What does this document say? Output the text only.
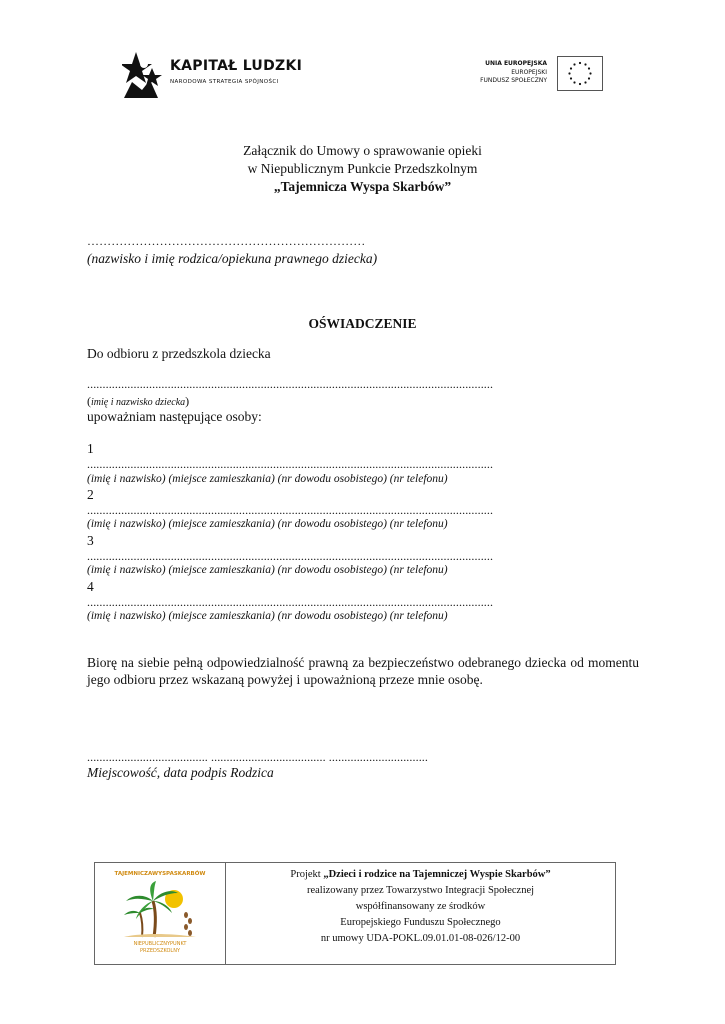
KAPITAŁ LUDZKI
NARODOWA STRATEGIA SPÓJNOŚCI
UNIA EUROPEJSKA
EUROPEJSKI
FUNDUSZ SPOŁECZNY
Załącznik do Umowy o sprawowanie opieki
w Niepublicznym Punkcie Przedszkolnym
„Tajemnicza Wyspa Skarbów”
……………………………………………………………
(nazwisko i imię rodzica/opiekuna prawnego dziecka)
OŚWIADCZENIE
Do odbioru z przedszkola dziecka
...................................................................................................................................
(imię i nazwisko dziecka)
upoważniam następujące osoby:
1
...................................................................................................................................
(imię i nazwisko) (miejsce zamieszkania) (nr dowodu osobistego) (nr telefonu)
2
...................................................................................................................................
(imię i nazwisko) (miejsce zamieszkania) (nr dowodu osobistego) (nr telefonu)
3
...................................................................................................................................
(imię i nazwisko) (miejsce zamieszkania) (nr dowodu osobistego) (nr telefonu)
4
...................................................................................................................................
(imię i nazwisko) (miejsce zamieszkania) (nr dowodu osobistego) (nr telefonu)
Biorę na siebie pełną odpowiedzialność prawną za bezpieczeństwo odebranego dziecka od momentu jego odbioru przez wskazaną powyżej i upoważnioną przeze mnie osobę.
....................................... ..................................... ................................
Miejscowość, data podpis Rodzica
TAJEMNICZAWYSPASKARBÓW
NIEPUBLICZNYPUNKT
PRZEDSZKOLNY
Projekt „Dzieci i rodzice na Tajemniczej Wyspie Skarbów”
realizowany przez Towarzystwo Integracji Społecznej
współfinansowany ze środków
Europejskiego Funduszu Społecznego
nr umowy UDA-POKL.09.01.01-08-026/12-00
